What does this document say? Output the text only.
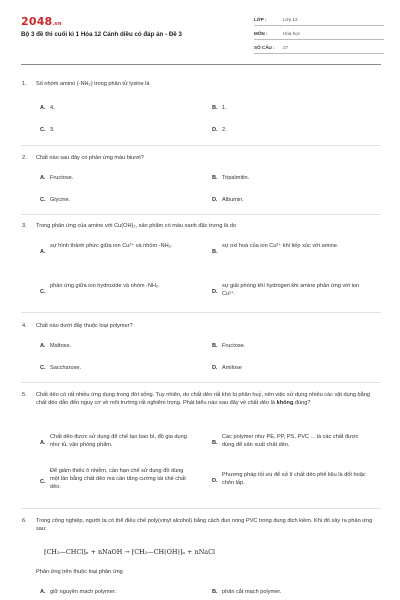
2048.vn
Bộ 3 đề thi cuối kì 1 Hóa 12 Cánh diều có đáp án - Đề 3
LỚP :	Lớp 12
MÔN :	Hóa học
SỐ CÂU : 27
1. Số nhóm amino (-NH₂) trong phân tử lysine là
A. 4.	B. 1.
C. 3.	D. 2.
2. Chất nào sau đây có phản ứng màu biuret?
A. Fructose.	B. Tripalmitin.
C. Glycine.	D. Albumin.
3. Trong phản ứng của amine với Cu(OH)₂, sản phẩm có màu xanh đặc trưng là do
A.
sự hình thành phức giữa ion Cu²⁺ và nhóm -NH₂.
B.
sự oxi hoá của ion Cu²⁺ khi tiếp xúc với amine.
C.
phản ứng giữa ion hydroxide và nhóm -NH₂.
D.
sự giải phóng khí hydrogen khi amine phản ứng với ion Cu²⁺.
4. Chất nào dưới đây thuộc loại polymer?
A. Maltose.	B. Fructose.
C. Saccharose.	D. Amilose
5. Chất dẻo có rất nhiều ứng dụng trong đời sống. Tuy nhiên, do chất dẻo rất khó bị phân huỷ, nên việc sử dụng nhiều các vật dụng bằng chất dẻo dẫn đến nguy cơ về môi trường rất nghiêm trọng. Phát biểu nào sau đây về chất dẻo là không đúng?
A.
Chất dẻo được sử dụng để chế tạo bao bì, đồ gia dụng như tủ, vận phòng phẩm.	B.
Các polymer như PE, PP, PS, PVC ... là các chất được dùng để sản xuất chất dẻo.
C.
Để giảm thiểu ô nhiễm, cần hạn chế sử dụng đồ dùng một lần bằng chất dẻo mà cần tăng cường tái chế chất dẻo.
D.
Phương pháp tối ưu để xử lí chất dẻo phế liệu là đốt hoặc chôn lấp.
6. Trong công nghiệp, người ta có thể điều chế poly(vinyl alcohol) bằng cách đun nóng PVC trong dung dịch kiềm. Khi đó xảy ra phản ứng sau:
⁅CH₂—CHCl⁆ₙ + nNaOH → ⁅CH₂—CH(OH)⁆ₙ + nNaCl
Phản ứng trên thuộc loại phản ứng
A. giữ nguyên mạch polymer.	B. phân cắt mạch polymer.
